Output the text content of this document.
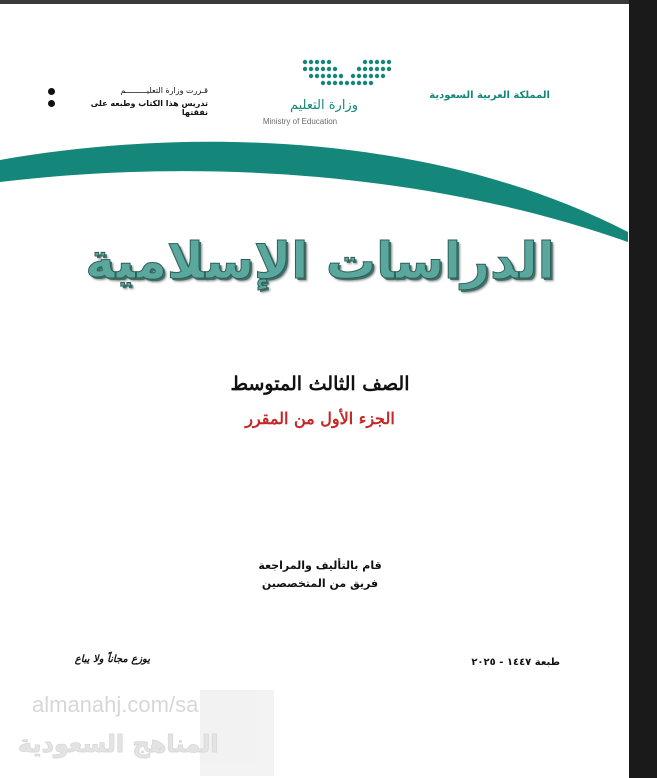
المملكة العربية السعودية
وزارة التعليم
Ministry of Education
قـررت وزارة التعليـــــــــم
تدريس هذا الكتاب وطبعه على نفقتها
الدراسات الإسلامية
الصف الثالث المتوسط
الجزء الأول من المقرر
قام بالتأليف والمراجعة
فريق من المتخصصين
طبعة ١٤٤٧ - ٢٠٢٥
يوزع مجاناً ولا يباع
almanahj.com/sa
المناهج السعودية
